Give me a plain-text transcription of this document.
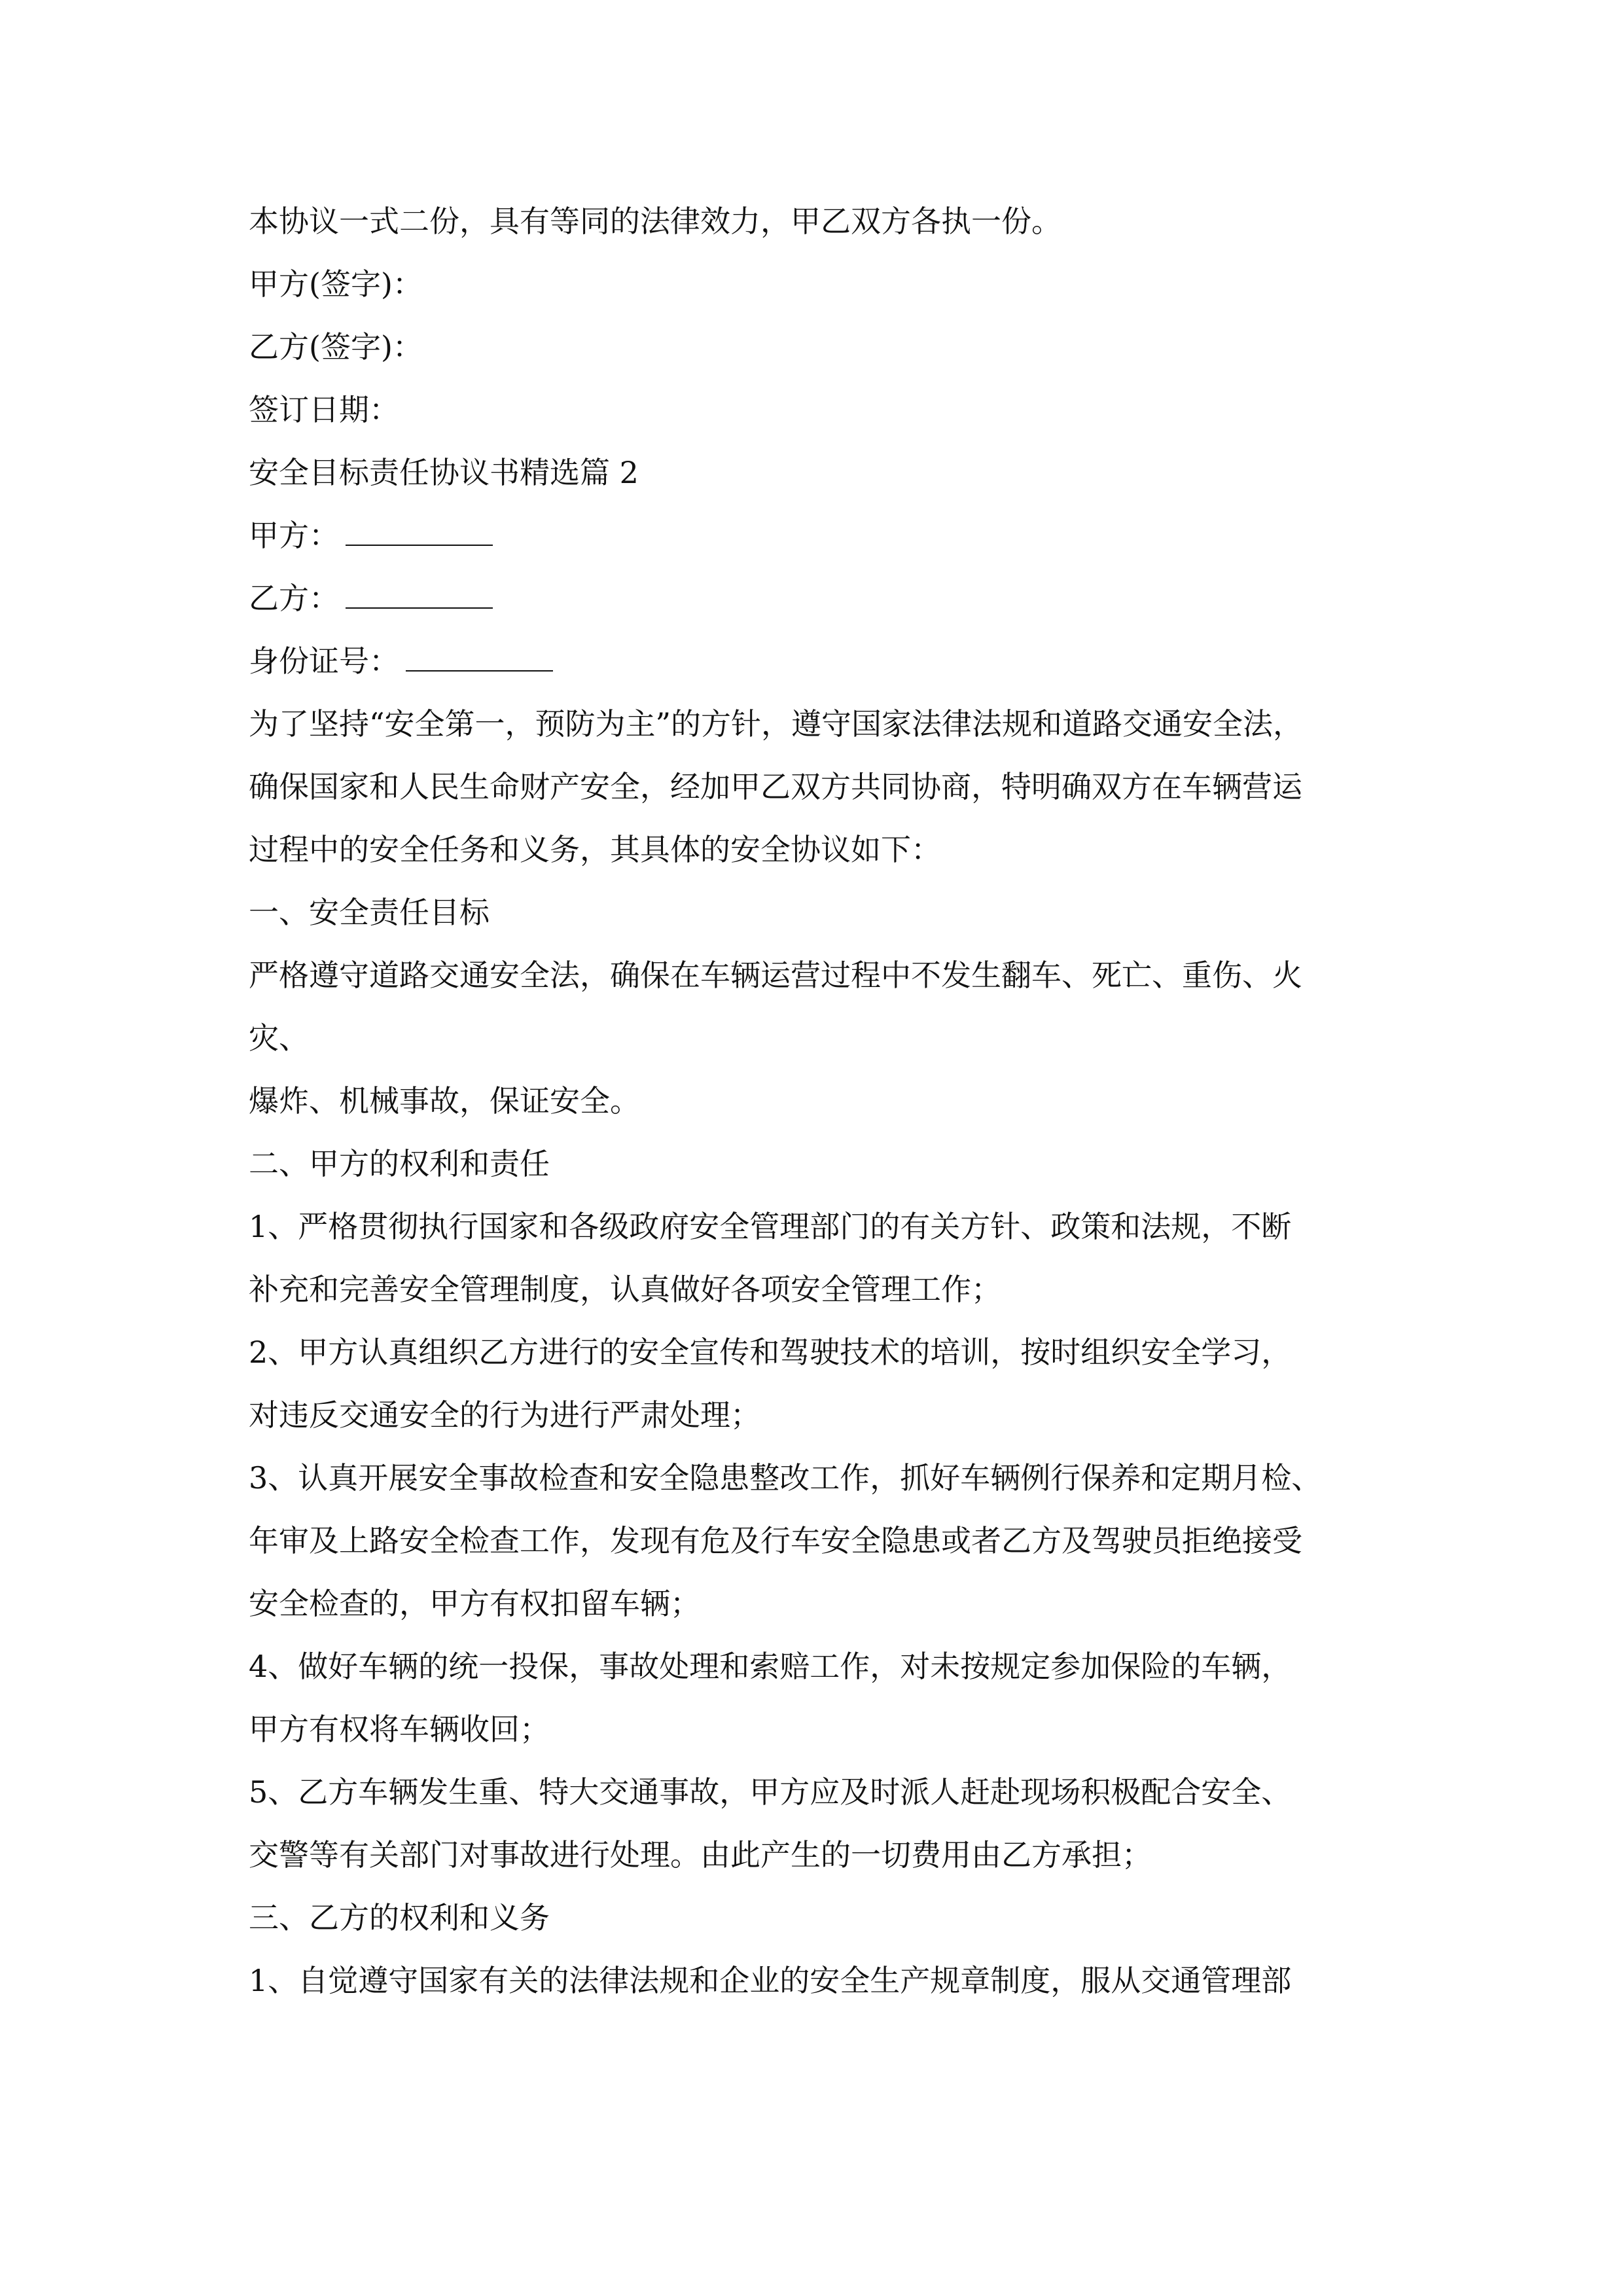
本协议一式二份，具有等同的法律效力，甲乙双方各执一份。
甲方(签字)：
乙方(签字)：
签订日期：
安全目标责任协议书精选篇 2
甲方：
乙方：
身份证号：
为了坚持“安全第一，预防为主”的方针，遵守国家法律法规和道路交通安全法，
确保国家和人民生命财产安全，经加甲乙双方共同协商，特明确双方在车辆营运
过程中的安全任务和义务，其具体的安全协议如下：
一、安全责任目标
严格遵守道路交通安全法，确保在车辆运营过程中不发生翻车、死亡、重伤、火
灾、
爆炸、机械事故，保证安全。
二、甲方的权利和责任
1、严格贯彻执行国家和各级政府安全管理部门的有关方针、政策和法规，不断
补充和完善安全管理制度，认真做好各项安全管理工作；
2、甲方认真组织乙方进行的安全宣传和驾驶技术的培训，按时组织安全学习，
对违反交通安全的行为进行严肃处理；
3、认真开展安全事故检查和安全隐患整改工作，抓好车辆例行保养和定期月检、
年审及上路安全检查工作，发现有危及行车安全隐患或者乙方及驾驶员拒绝接受
安全检查的，甲方有权扣留车辆；
4、做好车辆的统一投保，事故处理和索赔工作，对未按规定参加保险的车辆，
甲方有权将车辆收回；
5、乙方车辆发生重、特大交通事故，甲方应及时派人赶赴现场积极配合安全、
交警等有关部门对事故进行处理。由此产生的一切费用由乙方承担；
三、乙方的权利和义务
1、自觉遵守国家有关的法律法规和企业的安全生产规章制度，服从交通管理部
